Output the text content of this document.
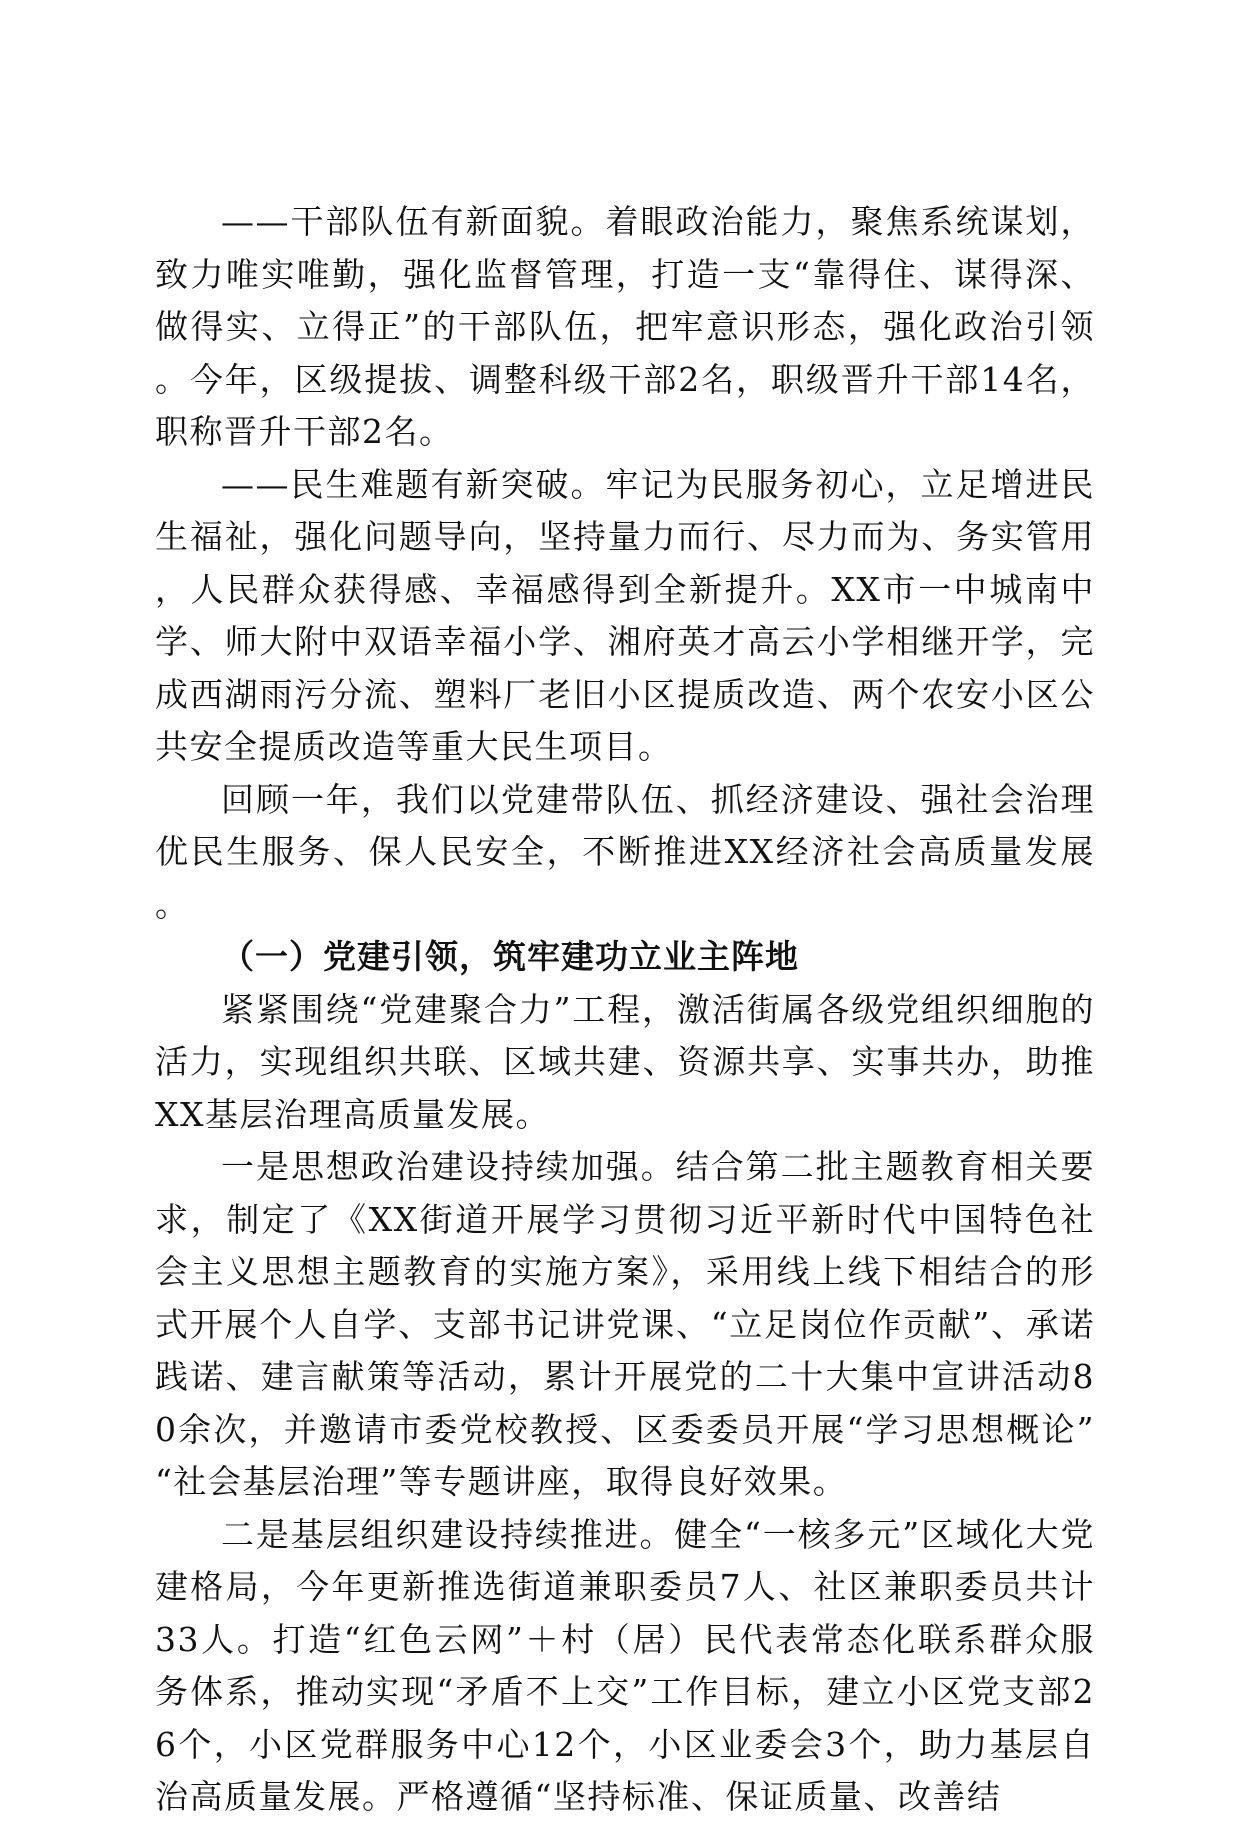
——干部队伍有新面貌。着眼政治能力，聚焦系统谋划，致力唯实唯勤，强化监督管理，打造一支“靠得住、谋得深、做得实、立得正”的干部队伍，把牢意识形态，强化政治引领。今年，区级提拔、调整科级干部2名，职级晋升干部14名，职称晋升干部2名。

——民生难题有新突破。牢记为民服务初心，立足增进民生福祉，强化问题导向，坚持量力而行、尽力而为、务实管用，人民群众获得感、幸福感得到全新提升。XX市一中城南中学、师大附中双语幸福小学、湘府英才高云小学相继开学，完成西湖雨污分流、塑料厂老旧小区提质改造、两个农安小区公共安全提质改造等重大民生项目。

回顾一年，我们以党建带队伍、抓经济建设、强社会治理优民生服务、保人民安全，不断推进XX经济社会高质量发展。

（一）党建引领，筑牢建功立业主阵地

紧紧围绕“党建聚合力”工程，激活街属各级党组织细胞的活力，实现组织共联、区域共建、资源共享、实事共办，助推XX基层治理高质量发展。

一是思想政治建设持续加强。结合第二批主题教育相关要求，制定了《XX街道开展学习贯彻习近平新时代中国特色社会主义思想主题教育的实施方案》，采用线上线下相结合的形式开展个人自学、支部书记讲党课、“立足岗位作贡献”、承诺践诺、建言献策等活动，累计开展党的二十大集中宣讲活动80余次，并邀请市委党校教授、区委委员开展“学习思想概论”“社会基层治理”等专题讲座，取得良好效果。

二是基层组织建设持续推进。健全“一核多元”区域化大党建格局，今年更新推选街道兼职委员7人、社区兼职委员共计33人。打造“红色云网”＋村（居）民代表常态化联系群众服务体系，推动实现“矛盾不上交”工作目标，建立小区党支部26个，小区党群服务中心12个，小区业委会3个，助力基层自治高质量发展。严格遵循“坚持标准、保证质量、改善结
